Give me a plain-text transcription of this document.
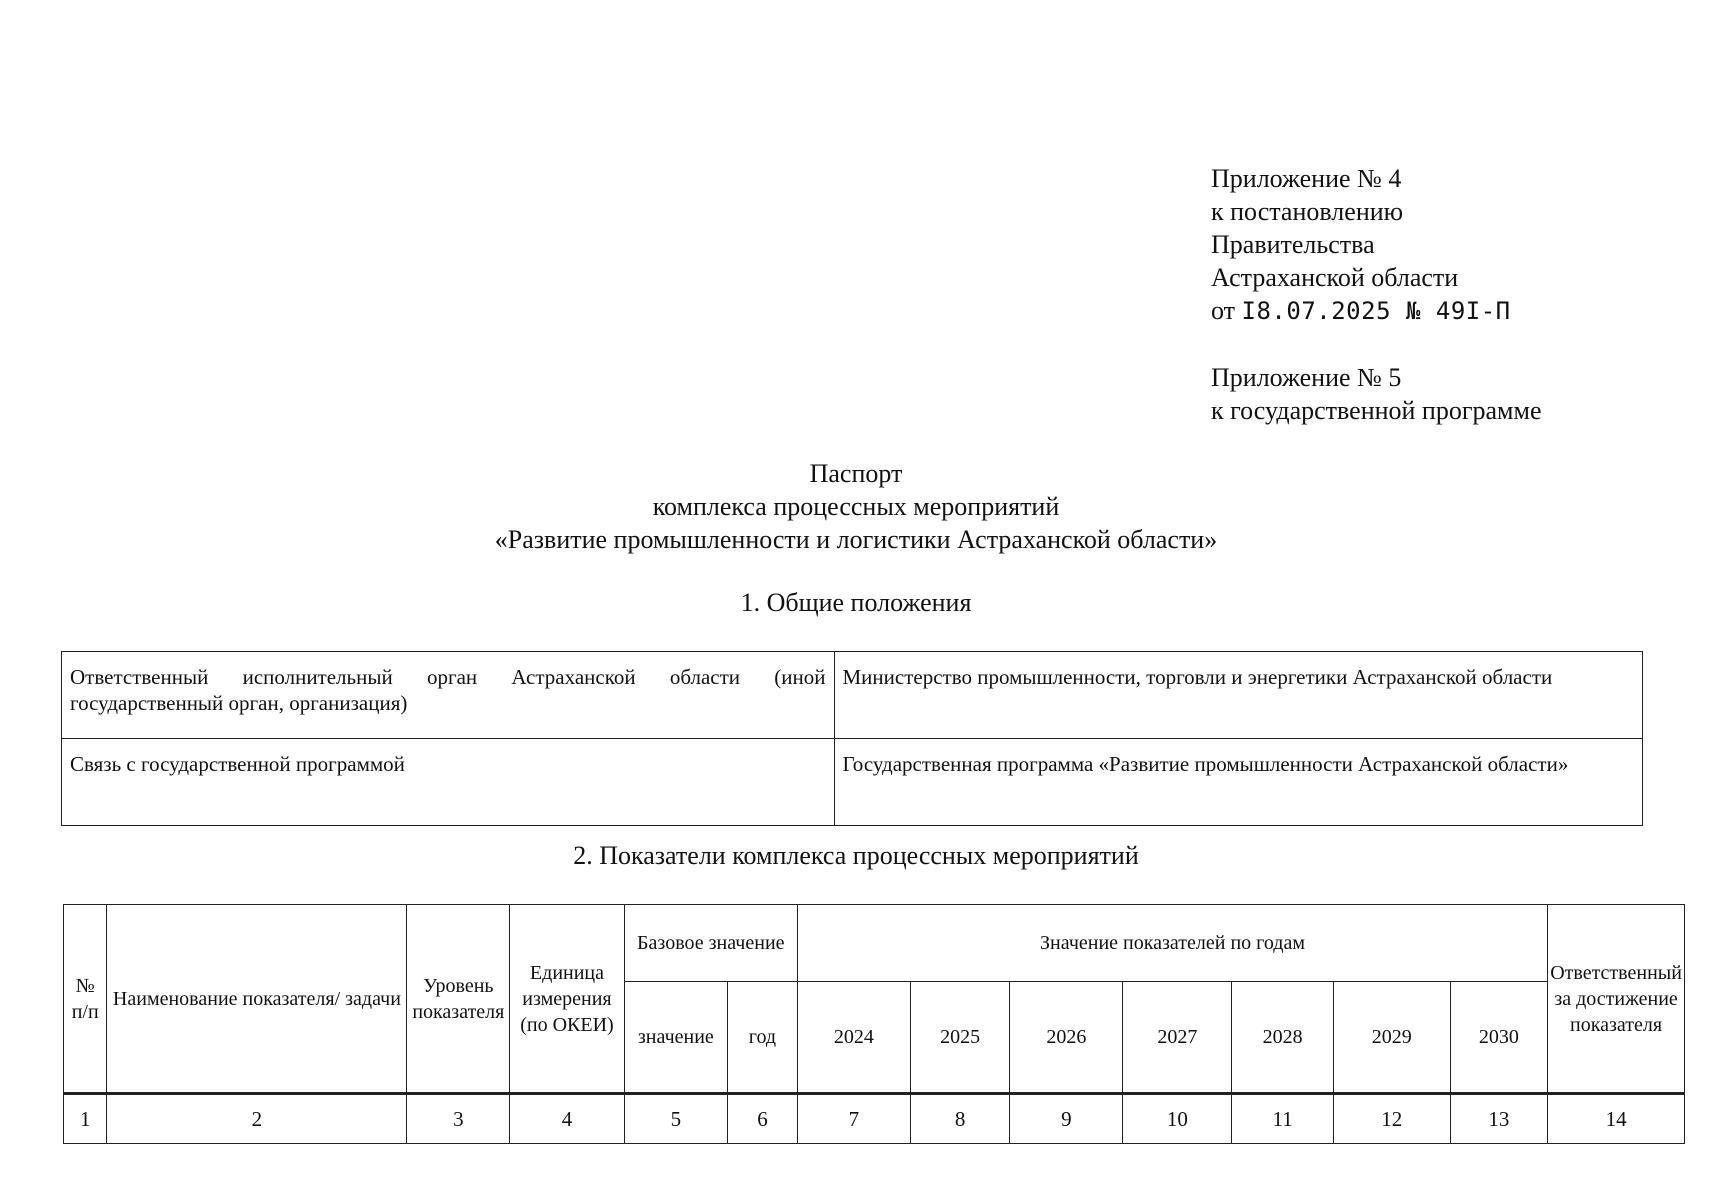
Приложение № 4

к постановлению

Правительства

Астраханской области

от I8.07.2025 № 49I-П

Приложение № 5

к государственной программе

Паспорт

комплекса процессных мероприятий

«Развитие промышленности и логистики Астраханской области»

1. Общие положения
Ответственный исполнительный орган Астраханской области (иной государственный орган, организация)	Министерство промышленности, торговли и энергетики Астраханской области
Связь с государственной программой	Государственная программа «Развитие промышленности Астраханской области»
2. Показатели комплекса процессных мероприятий
№ п/п	Наименование показателя/ задачи	Уровень показателя	Единица измерения (по ОКЕИ)	Базовое значение		Значение показателей по годам							Ответственный за достижение показателя
				значение	год	2024	2025	2026	2027	2028	2029	2030	
1	2	3	4	5	6	7	8	9	10	11	12	13	14
